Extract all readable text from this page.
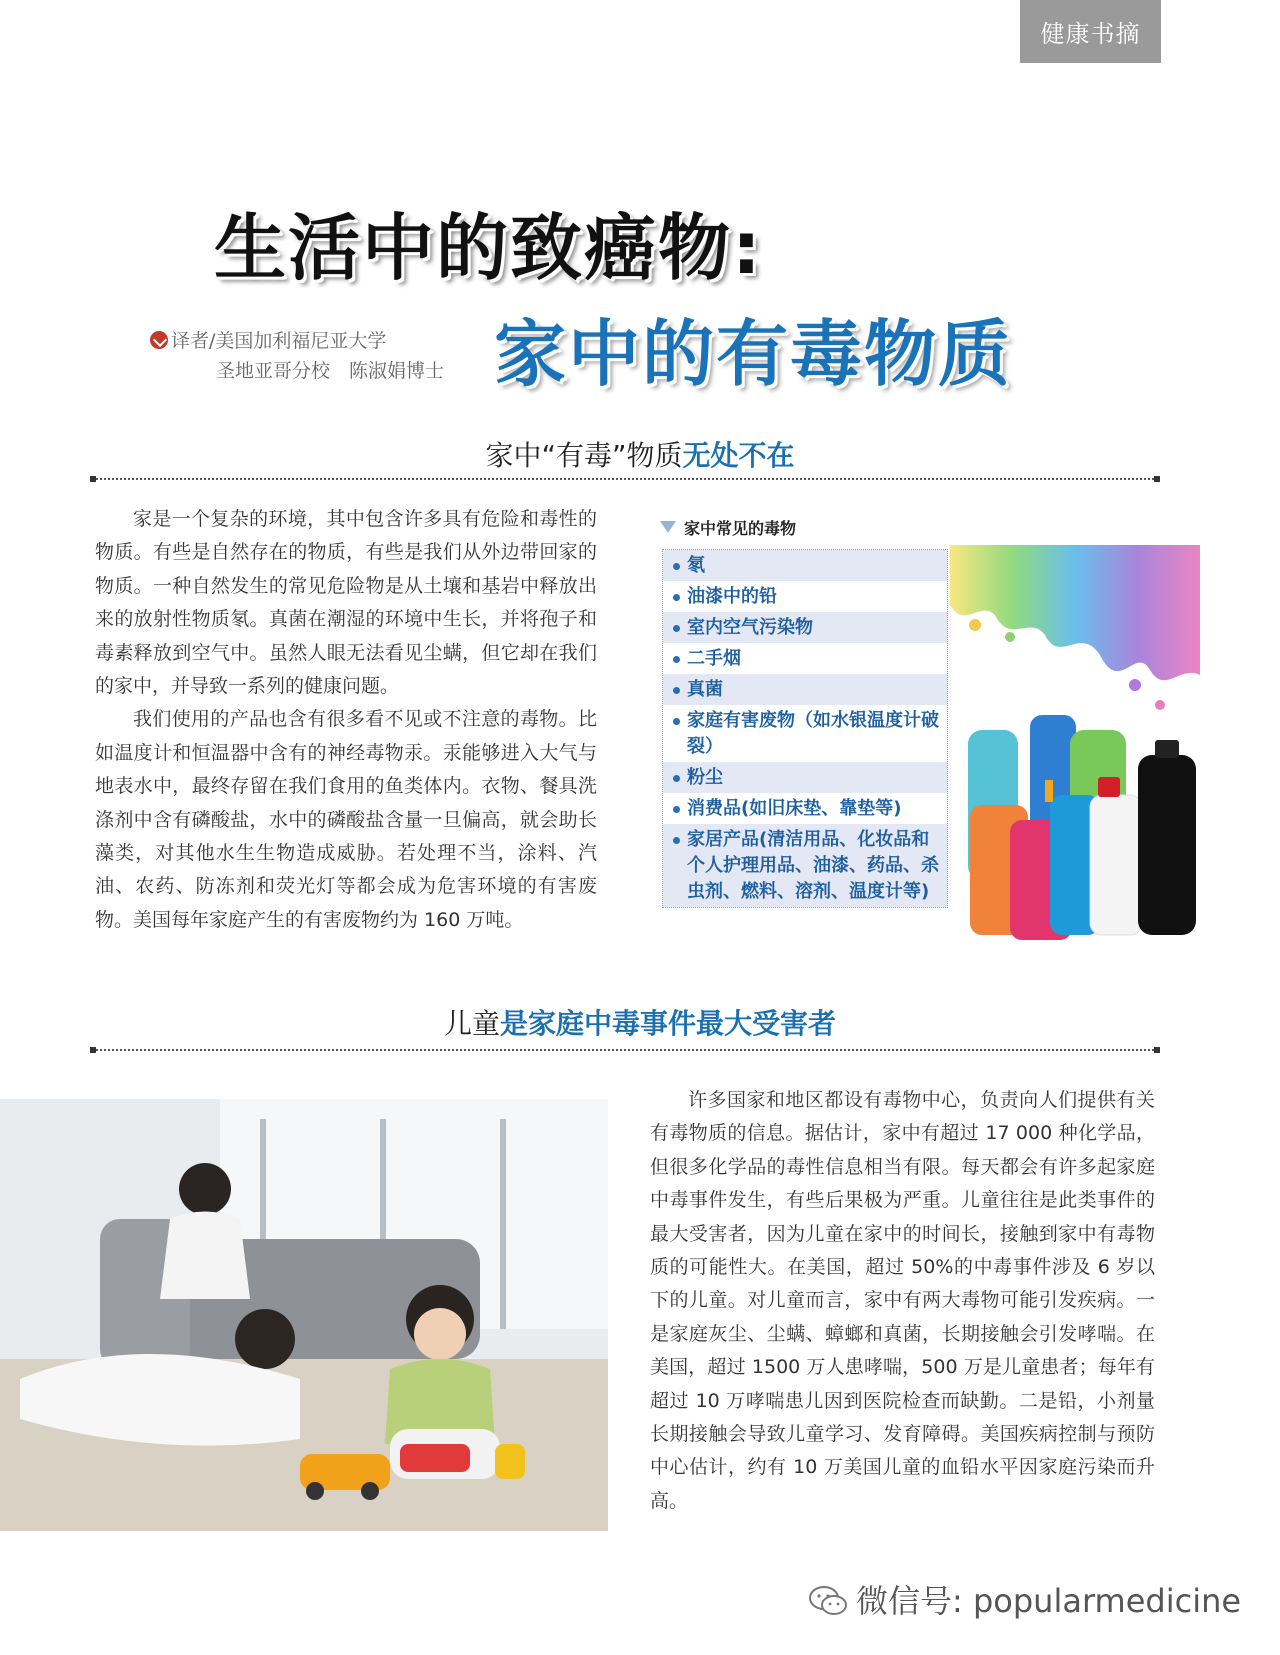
健康书摘
生活中的致癌物:
家中的有毒物质
译者/美国加利福尼亚大学
圣地亚哥分校　陈淑娟博士
家中“有毒”物质无处不在

家是一个复杂的环境，其中包含许多具有危险和毒性的物质。有些是自然存在的物质，有些是我们从外边带回家的物质。一种自然发生的常见危险物是从土壤和基岩中释放出来的放射性物质氡。真菌在潮湿的环境中生长，并将孢子和毒素释放到空气中。虽然人眼无法看见尘螨，但它却在我们的家中，并导致一系列的健康问题。

我们使用的产品也含有很多看不见或不注意的毒物。比如温度计和恒温器中含有的神经毒物汞。汞能够进入大气与地表水中，最终存留在我们食用的鱼类体内。衣物、餐具洗涤剂中含有磷酸盐，水中的磷酸盐含量一旦偏高，就会助长藻类，对其他水生生物造成威胁。若处理不当，涂料、汽油、农药、防冻剂和荧光灯等都会成为危害环境的有害废物。美国每年家庭产生的有害废物约为 160 万吨。

家中常见的毒物
氡
油漆中的铅
室内空气污染物
二手烟
真菌
家庭有害废物（如水银温度计破裂）
粉尘
消费品(如旧床垫、靠垫等)
家居产品(清洁用品、化妆品和个人护理用品、油漆、药品、杀虫剂、燃料、溶剂、温度计等)
儿童是家庭中毒事件最大受害者

许多国家和地区都设有毒物中心，负责向人们提供有关有毒物质的信息。据估计，家中有超过 17 000 种化学品，但很多化学品的毒性信息相当有限。每天都会有许多起家庭中毒事件发生，有些后果极为严重。儿童往往是此类事件的最大受害者，因为儿童在家中的时间长，接触到家中有毒物质的可能性大。在美国，超过 50%的中毒事件涉及 6 岁以下的儿童。对儿童而言，家中有两大毒物可能引发疾病。一是家庭灰尘、尘螨、蟑螂和真菌，长期接触会引发哮喘。在美国，超过 1500 万人患哮喘，500 万是儿童患者；每年有超过 10 万哮喘患儿因到医院检查而缺勤。二是铅，小剂量长期接触会导致儿童学习、发育障碍。美国疾病控制与预防中心估计，约有 10 万美国儿童的血铅水平因家庭污染而升高。

微信号: popularmedicine
